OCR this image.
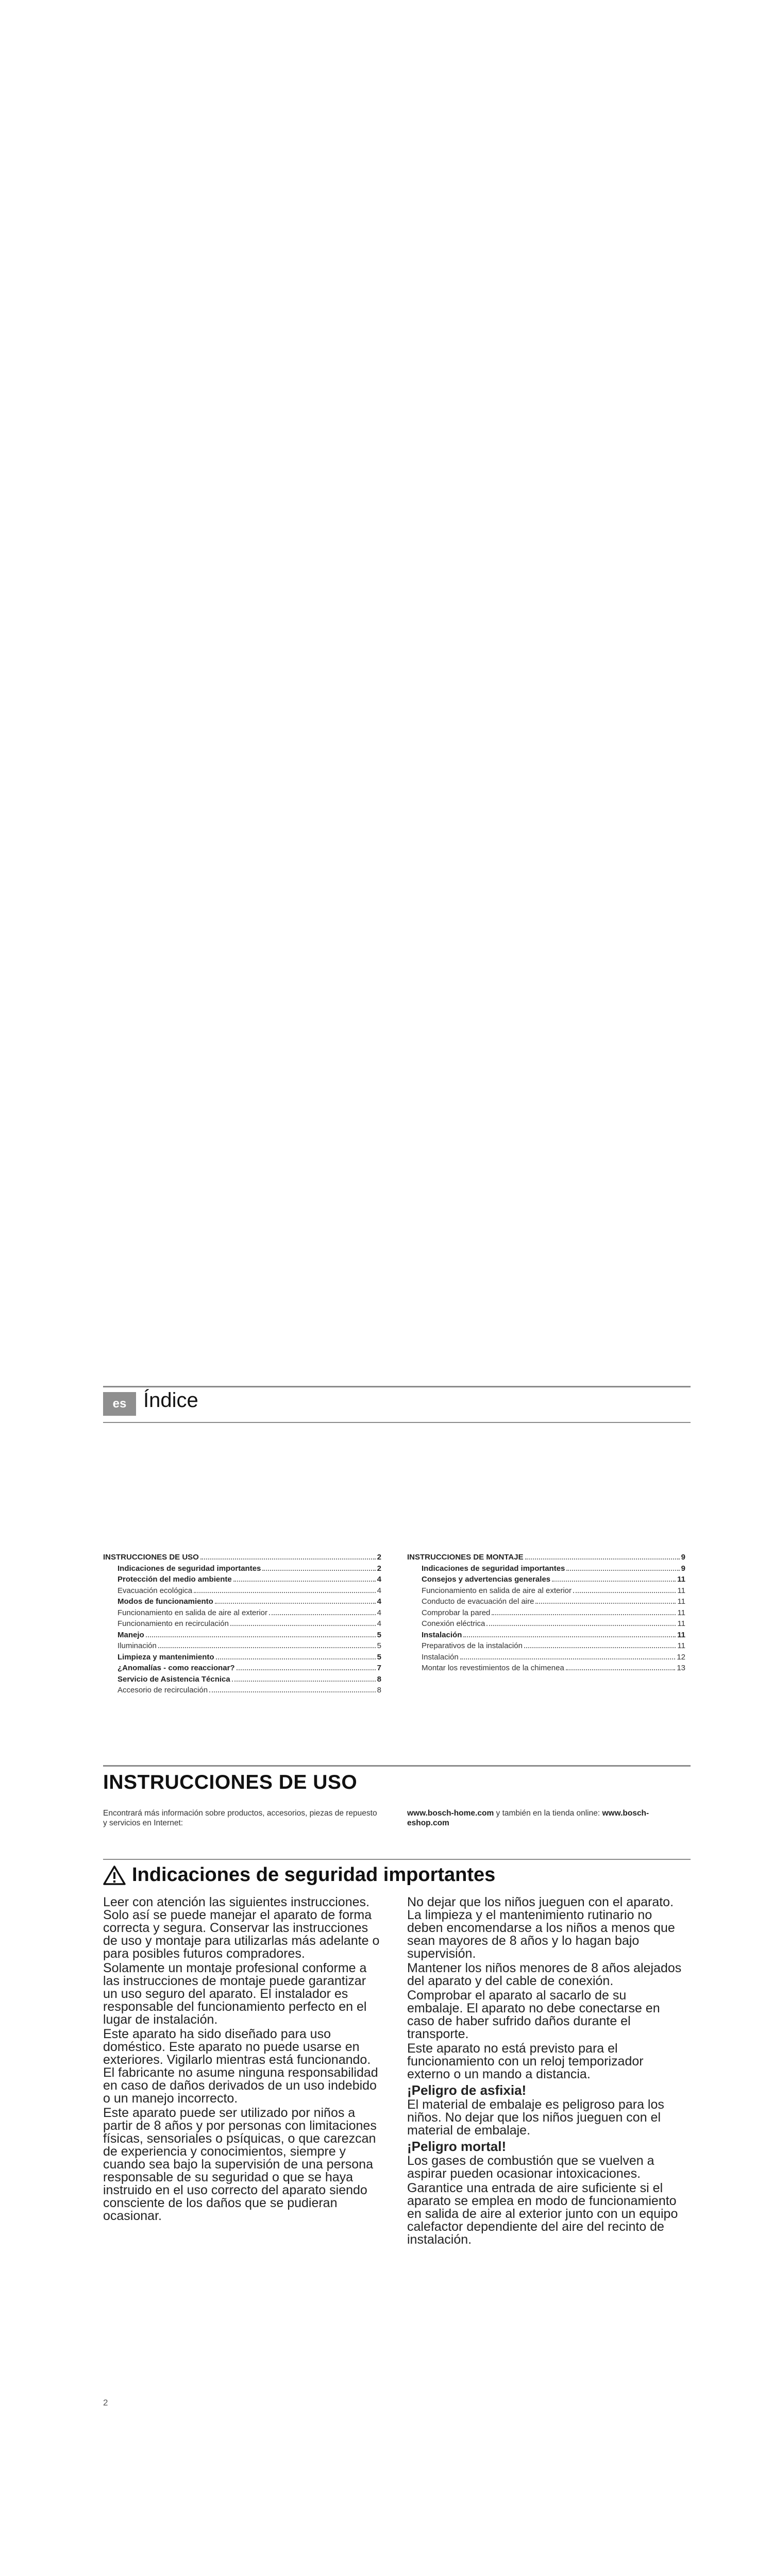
es Índice
INSTRUCCIONES DE USO	2
Indicaciones de seguridad importantes	2
Protección del medio ambiente	4
Evacuación ecológica	4
Modos de funcionamiento	4
Funcionamiento en salida de aire al exterior	4
Funcionamiento en recirculación	4
Manejo	5
Iluminación	5
Limpieza y mantenimiento	5
¿Anomalías - como reaccionar?	7
Servicio de Asistencia Técnica	8
Accesorio de recirculación	8
INSTRUCCIONES DE MONTAJE	9
Indicaciones de seguridad importantes	9
Consejos y advertencias generales	11
Funcionamiento en salida de aire al exterior	11
Conducto de evacuación del aire	11
Comprobar la pared	11
Conexión eléctrica	11
Instalación	11
Preparativos de la instalación	11
Instalación	12
Montar los revestimientos de la chimenea	13
INSTRUCCIONES DE USO
Encontrará más información sobre productos, accesorios, piezas de repuesto y servicios en Internet:
www.bosch-home.com y también en la tienda online: www.bosch-eshop.com
Indicaciones de seguridad importantes

Leer con atención las siguientes instrucciones. Solo así se puede manejar el aparato de forma correcta y segura. Conservar las instrucciones de uso y montaje para utilizarlas más adelante o para posibles futuros compradores.

Solamente un montaje profesional conforme a las instrucciones de montaje puede garantizar un uso seguro del aparato. El instalador es responsable del funcionamiento perfecto en el lugar de instalación.

Este aparato ha sido diseñado para uso doméstico. Este aparato no puede usarse en exteriores. Vigilarlo mientras está funcionando. El fabricante no asume ninguna responsabilidad en caso de daños derivados de un uso indebido o un manejo incorrecto.

Este aparato puede ser utilizado por niños a partir de 8 años y por personas con limitaciones físicas, sensoriales o psíquicas, o que carezcan de experiencia y conocimientos, siempre y cuando sea bajo la supervisión de una persona responsable de su seguridad o que se haya instruido en el uso correcto del aparato siendo consciente de los daños que se pudieran ocasionar.

No dejar que los niños jueguen con el aparato. La limpieza y el mantenimiento rutinario no deben encomendarse a los niños a menos que sean mayores de 8 años y lo hagan bajo supervisión.

Mantener los niños menores de 8 años alejados del aparato y del cable de conexión.

Comprobar el aparato al sacarlo de su embalaje. El aparato no debe conectarse en caso de haber sufrido daños durante el transporte.

Este aparato no está previsto para el funcionamiento con un reloj temporizador externo o un mando a distancia.

¡Peligro de asfixia!

El material de embalaje es peligroso para los niños. No dejar que los niños jueguen con el material de embalaje.

¡Peligro mortal!

Los gases de combustión que se vuelven a aspirar pueden ocasionar intoxicaciones.

Garantice una entrada de aire suficiente si el aparato se emplea en modo de funcionamiento en salida de aire al exterior junto con un equipo calefactor dependiente del aire del recinto de instalación.

2
